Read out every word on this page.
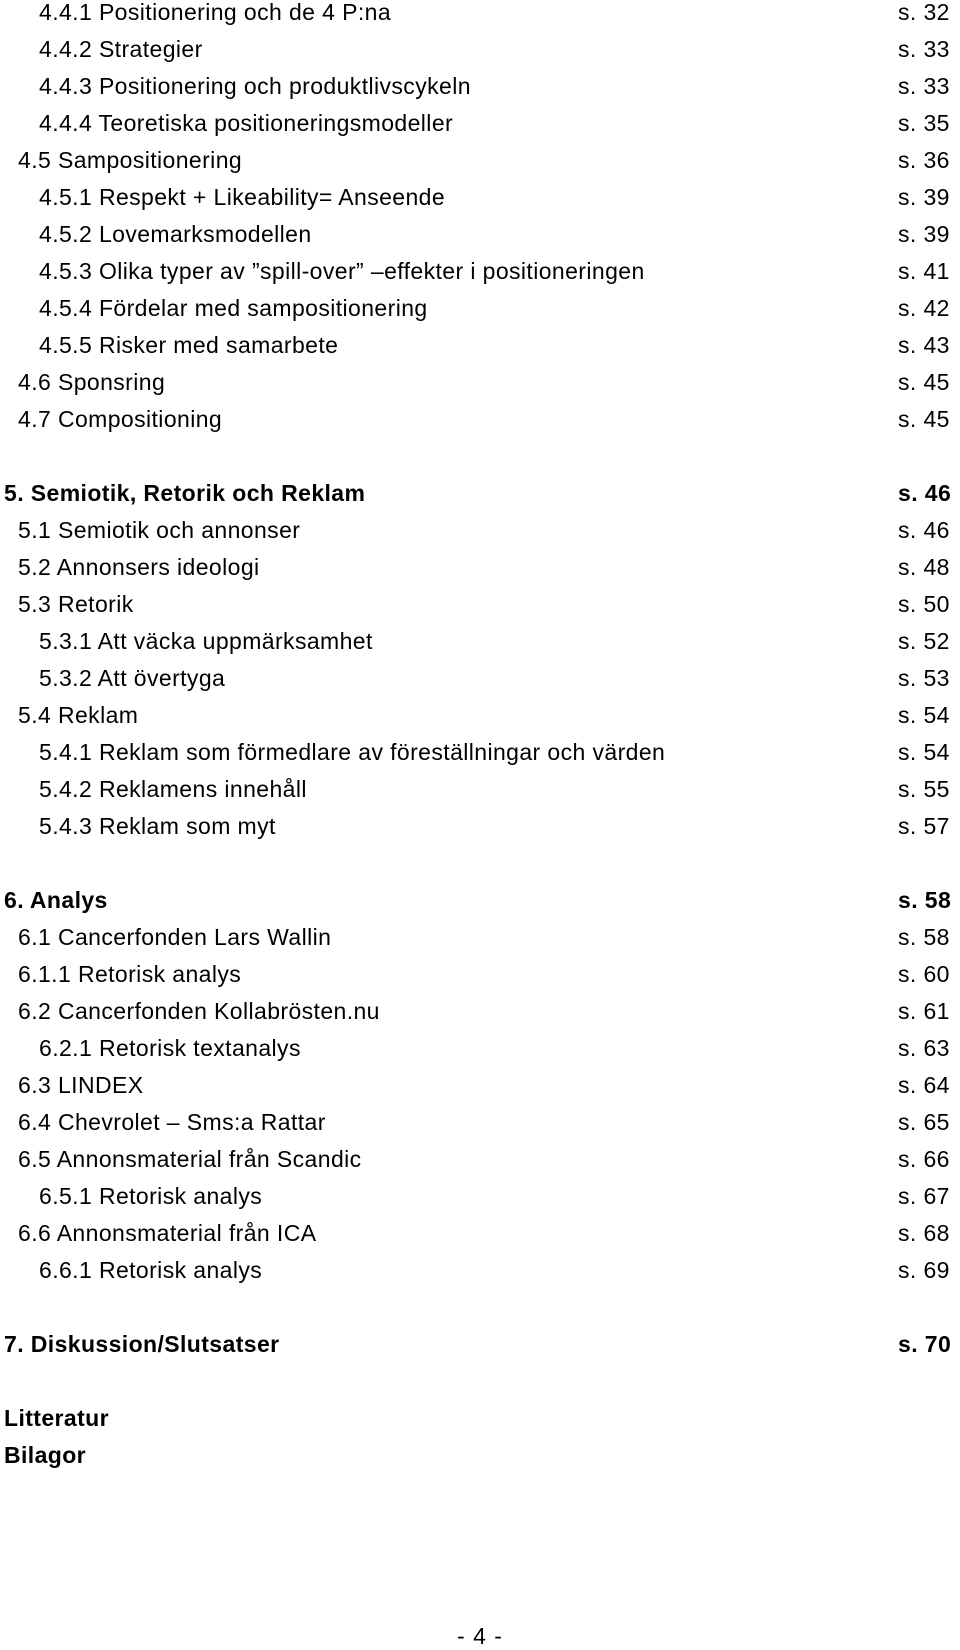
4.4.1 Positionering och de 4 P:na	s. 32
4.4.2 Strategier	s. 33
4.4.3 Positionering och produktlivscykeln	s. 33
4.4.4 Teoretiska positioneringsmodeller	s. 35
4.5 Sampositionering	s. 36
4.5.1 Respekt + Likeability= Anseende	s. 39
4.5.2 Lovemarksmodellen	s. 39
4.5.3 Olika typer av ”spill-over” –effekter i positioneringen	s. 41
4.5.4 Fördelar med sampositionering	s. 42
4.5.5 Risker med samarbete	s. 43
4.6 Sponsring	s. 45
4.7 Compositioning	s. 45
5. Semiotik, Retorik och Reklam	s. 46
5.1 Semiotik och annonser	s. 46
5.2 Annonsers ideologi	s. 48
5.3 Retorik	s. 50
5.3.1 Att väcka uppmärksamhet	s. 52
5.3.2 Att övertyga	s. 53
5.4 Reklam	s. 54
5.4.1 Reklam som förmedlare av föreställningar och värden	s. 54
5.4.2 Reklamens innehåll	s. 55
5.4.3 Reklam som myt	s. 57
6. Analys	s. 58
6.1 Cancerfonden Lars Wallin	s. 58
6.1.1 Retorisk analys	s. 60
6.2 Cancerfonden Kollabrösten.nu	s. 61
6.2.1 Retorisk textanalys	s. 63
6.3 LINDEX	s. 64
6.4 Chevrolet – Sms:a Rattar	s. 65
6.5 Annonsmaterial från Scandic	s. 66
6.5.1 Retorisk analys	s. 67
6.6 Annonsmaterial från ICA	s. 68
6.6.1 Retorisk analys	s. 69
7. Diskussion/Slutsatser	s. 70
Litteratur
Bilagor
- 4 -
